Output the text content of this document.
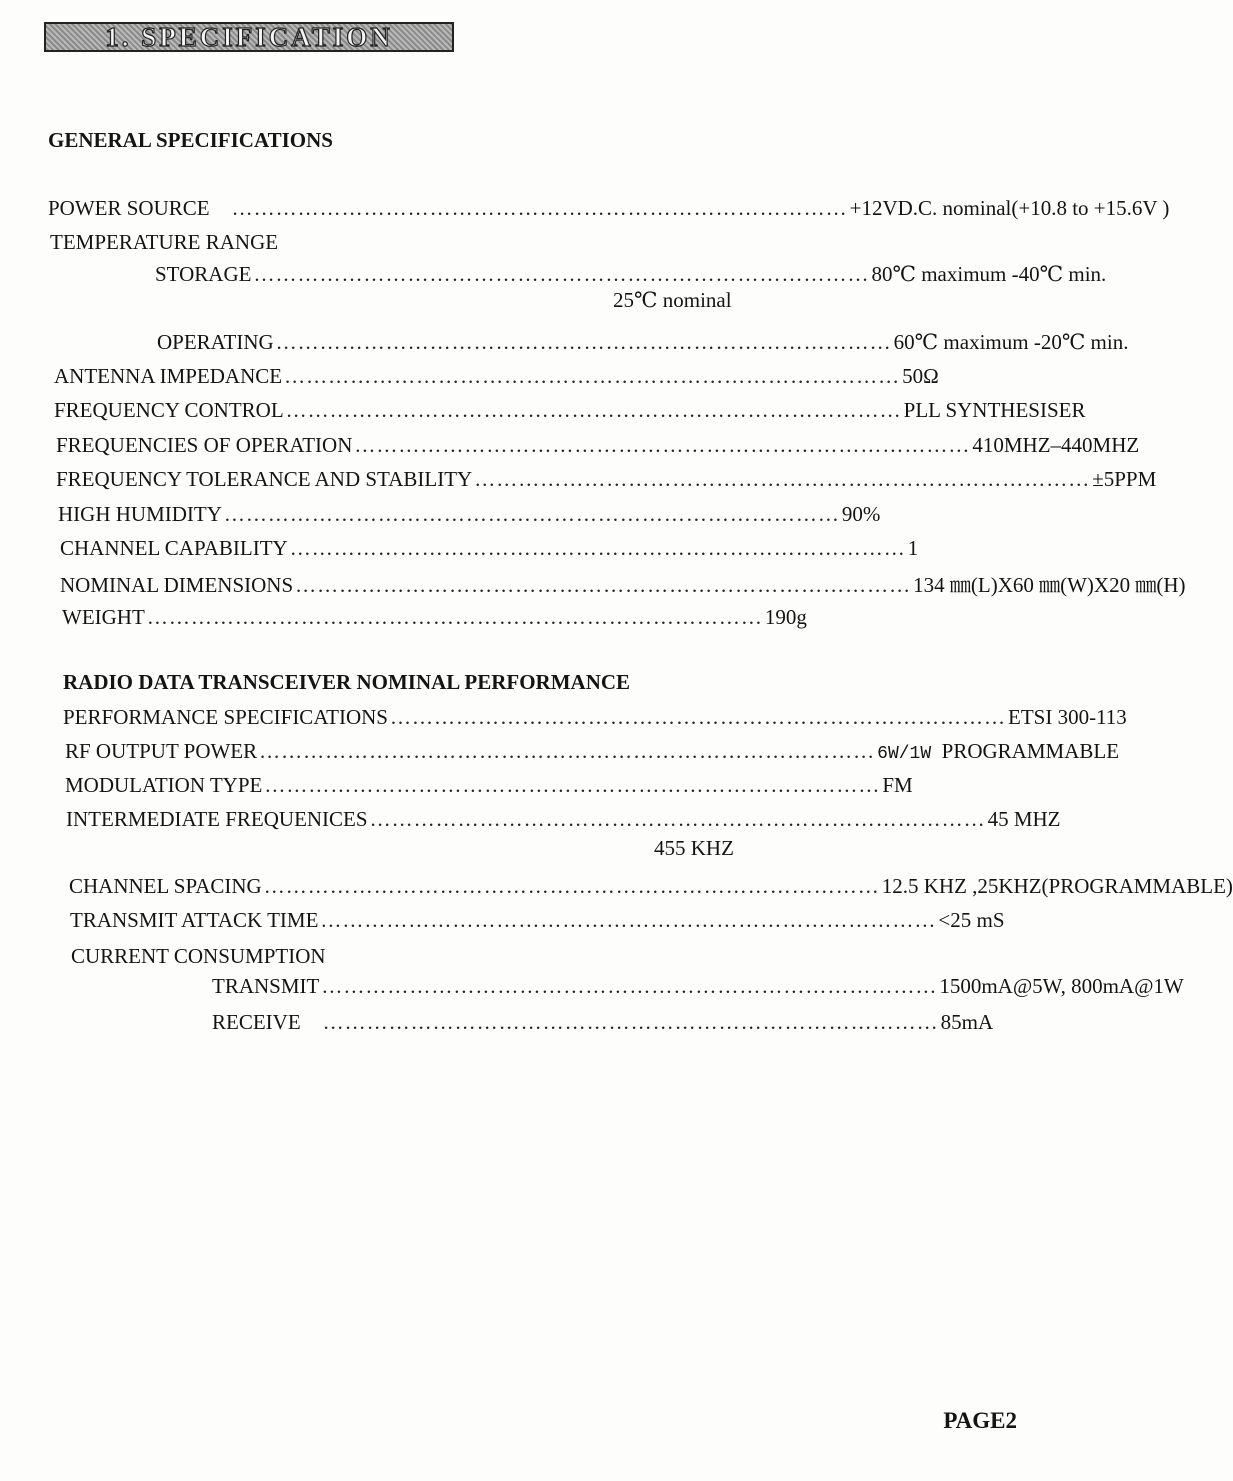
1. SPECIFICATION
GENERAL SPECIFICATIONS
POWER SOURCE ………………………………………………………………………… +12VD.C. nominal(+10.8 to +15.6V )
TEMPERATURE RANGE
STORAGE ………………………………………………………………………… 80℃ maximum -40℃ min.
25℃ nominal
OPERATING ………………………………………………………………………… 60℃ maximum -20℃ min.
ANTENNA IMPEDANCE ………………………………………………………………………… 50Ω
FREQUENCY CONTROL ………………………………………………………………………… PLL SYNTHESISER
FREQUENCIES OF OPERATION ………………………………………………………………………… 410MHZ–440MHZ
FREQUENCY TOLERANCE AND STABILITY ………………………………………………………………………… ±5PPM
HIGH HUMIDITY ………………………………………………………………………… 90%
CHANNEL CAPABILITY ………………………………………………………………………… 1
NOMINAL DIMENSIONS ………………………………………………………………………… 134 ㎜(L)X60 ㎜(W)X20 ㎜(H)
WEIGHT ………………………………………………………………………… 190g
RADIO DATA TRANSCEIVER NOMINAL PERFORMANCE
PERFORMANCE SPECIFICATIONS ………………………………………………………………………… ETSI 300-113
RF OUTPUT POWER ………………………………………………………………………… 6W/1W PROGRAMMABLE
MODULATION TYPE ………………………………………………………………………… FM
INTERMEDIATE FREQUENICES ………………………………………………………………………… 45 MHZ
455 KHZ
CHANNEL SPACING ………………………………………………………………………… 12.5 KHZ ,25KHZ(PROGRAMMABLE)
TRANSMIT ATTACK TIME ………………………………………………………………………… <25 mS
CURRENT CONSUMPTION
TRANSMIT ………………………………………………………………………… 1500mA@5W, 800mA@1W
RECEIVE ………………………………………………………………………… 85mA
PAGE2
